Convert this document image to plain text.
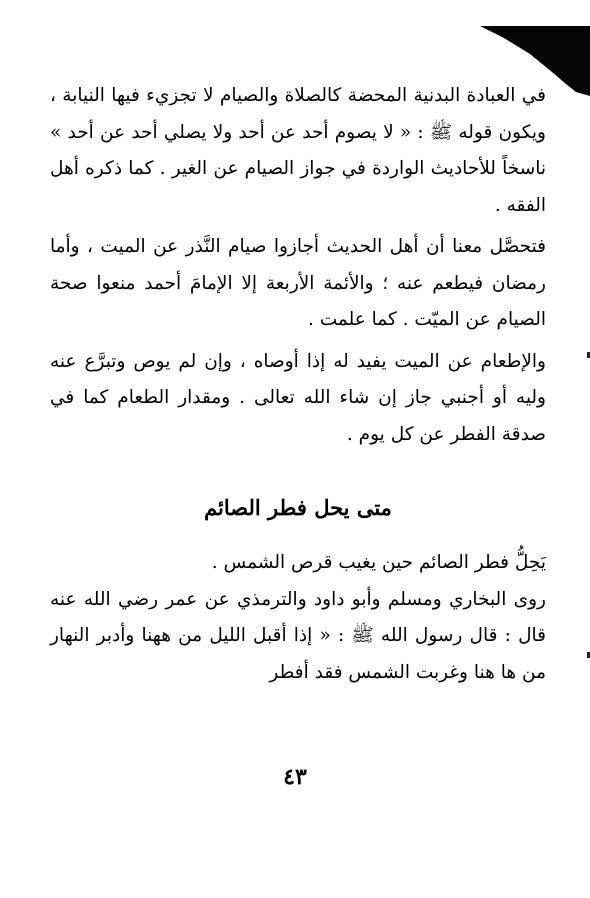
في العبادة البدنية المحضة كالصلاة والصيام لا تجزيء فيها النيابة ، ويكون قوله ﷺ : « لا يصوم أحد عن أحد ولا يصلي أحد عن أحد » ناسخاً للأحاديث الواردة في جواز الصيام عن الغير . كما ذكره أهل الفقه .

فتحصَّل معنا أن أهل الحديث أجازوا صيام النَّذر عن الميت ، وأما رمضان فيطعم عنه ؛ والأئمة الأربعة إلا الإمامَ أحمد منعوا صحة الصيام عن الميّت . كما علمت .

والإطعام عن الميت يفيد له إذا أوصاه ، وإن لم يوص وتبرَّع عنه وليه أو أجنبي جاز إن شاء الله تعالى . ومقدار الطعام كما في صدقة الفطر عن كل يوم .

متى يحل فطر الصائم

يَحِلُّ فطر الصائم حين يغيب قرص الشمس .

روى البخاري ومسلم وأبو داود والترمذي عن عمر رضي الله عنه قال : قال رسول الله ﷺ : « إذا أقبل الليل من ههنا وأدبر النهار من ها هنا وغربت الشمس فقد أفطر

٤٣
